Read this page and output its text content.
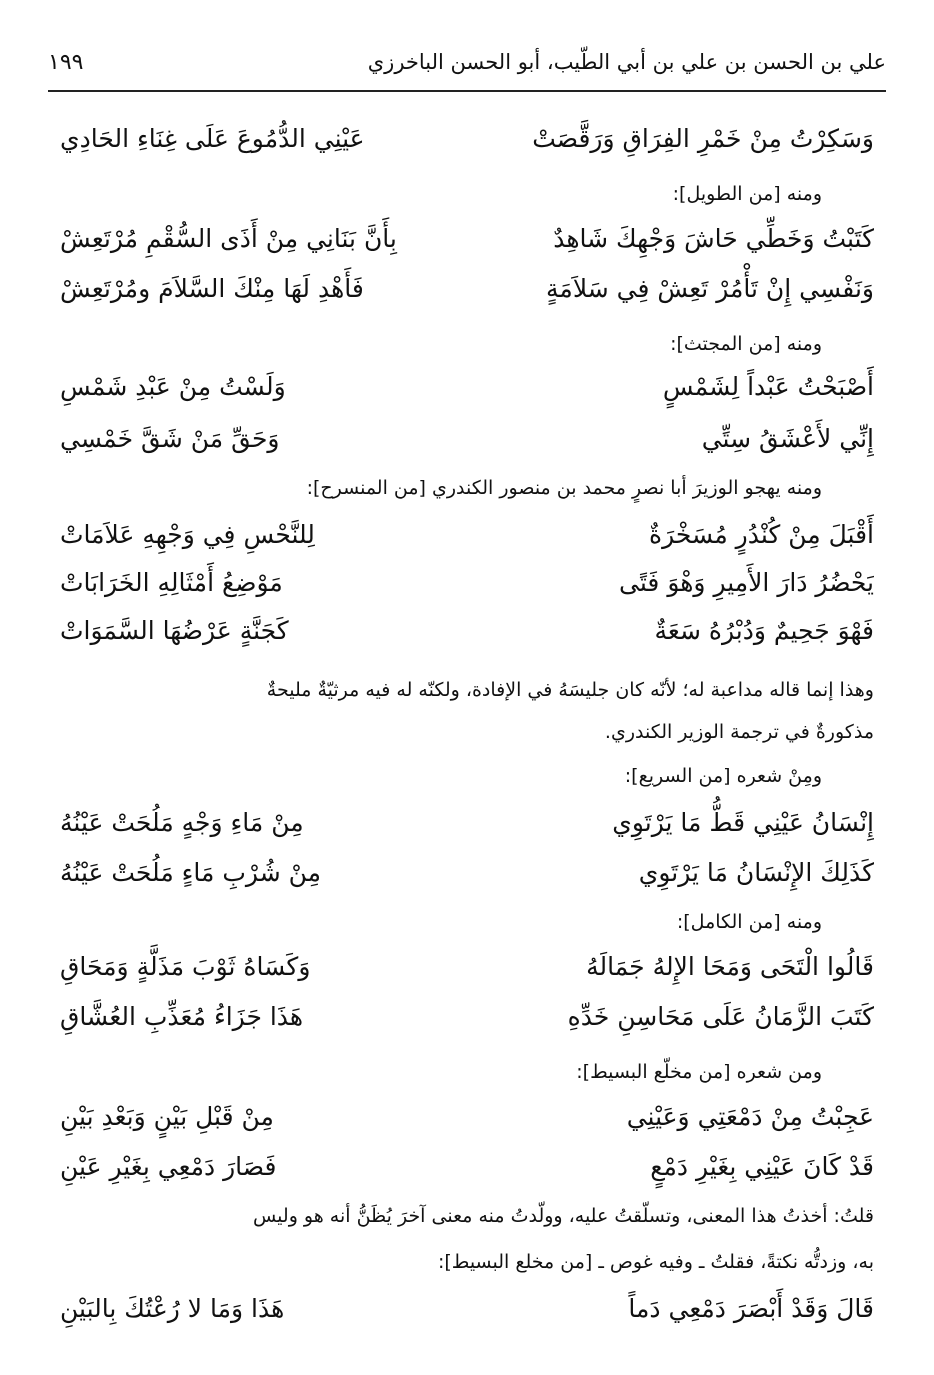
علي بن الحسن بن علي بن أبي الطّيب، أبو الحسن الباخرزي
١٩٩
وَسَكِرْتُ مِنْ خَمْرِ الفِرَاقِ وَرَقَّصَتْ
عَيْنِي الدُّمُوعَ عَلَى غِنَاءِ الحَادِي
ومنه [من الطويل]:
كَتَبْتُ وَخَطِّي حَاشَ وَجْهِكَ شَاهِدٌ
بِأَنَّ بَنَانِي مِنْ أَذَى السُّقْمِ مُرْتَعِشْ
وَنَفْسِي إِنْ تَأْمُرْ تَعِشْ فِي سَلاَمَةٍ
فَأَهْدِ لَهَا مِنْكَ السَّلاَمَ ومُرْتَعِشْ
ومنه [من المجتث]:
أَصْبَحْتُ عَبْداً لِشَمْسٍ
وَلَسْتُ مِنْ عَبْدِ شَمْسِ
إِنِّي لأَعْشَقُ سِتِّي
وَحَقِّ مَنْ شَقَّ خَمْسِي
ومنه يهجو الوزيرَ أبا نصرٍ محمد بن منصور الكندري [من المنسرح]:
أَقْبَلَ مِنْ كُنْدُرٍ مُسَخْرَةٌ
لِلنَّحْسِ فِي وَجْهِهِ عَلاَمَاتْ
يَحْضُرُ دَارَ الأَمِيرِ وَهْوَ فَتًى
مَوْضِعُ أَمْثَالِهِ الخَرَابَاتْ
فَهْوَ جَحِيمٌ وَدُبْرُهُ سَعَةٌ
كَجَنَّةٍ عَرْضُهَا السَّمَوَاتْ
وهذا إنما قاله مداعبة له؛ لأنّه كان جليسَهُ في الإفادة، ولكنّه له فيه مرثيّةٌ مليحةٌ
مذكورةٌ في ترجمة الوزير الكندري.
ومِنْ شعره [من السريع]:
إِنْسَانُ عَيْنِي قَطُّ مَا يَرْتَوِي
مِنْ مَاءِ وَجْهٍ مَلُحَتْ عَيْنُهُ
كَذَلِكَ الإِنْسَانُ مَا يَرْتَوِي
مِنْ شُرْبِ مَاءٍ مَلُحَتْ عَيْنُهُ
ومنه [من الكامل]:
قَالُوا الْتَحَى وَمَحَا الإِلهُ جَمَالَهُ
وَكَسَاهُ ثَوْبَ مَذَلَّةٍ وَمَحَاقِ
كَتَبَ الزَّمَانُ عَلَى مَحَاسِنِ خَدِّهِ
هَذَا جَزَاءُ مُعَذِّبِ العُشَّاقِ
ومن شعره [من مخلّع البسيط]:
عَجِبْتُ مِنْ دَمْعَتِي وَعَيْنِي
مِنْ قَبْلِ بَيْنٍ وَبَعْدِ بَيْنِ
قَدْ كَانَ عَيْنِي بِغَيْرِ دَمْعٍ
فَصَارَ دَمْعِي بِغَيْرِ عَيْنِ
قلتُ: أخذتُ هذا المعنى، وتسلّقتُ عليه، وولّدتُ منه معنى آخرَ يُظَنُّ أنه هو وليس
به، وزدتُّه نكتةً، فقلتُ ـ وفيه غوص ـ [من مخلع البسيط]:
قَالَ وَقَدْ أَبْصَرَ دَمْعِي دَماً
هَذَا وَمَا لا رُعْتُكَ بِالبَيْنِ
